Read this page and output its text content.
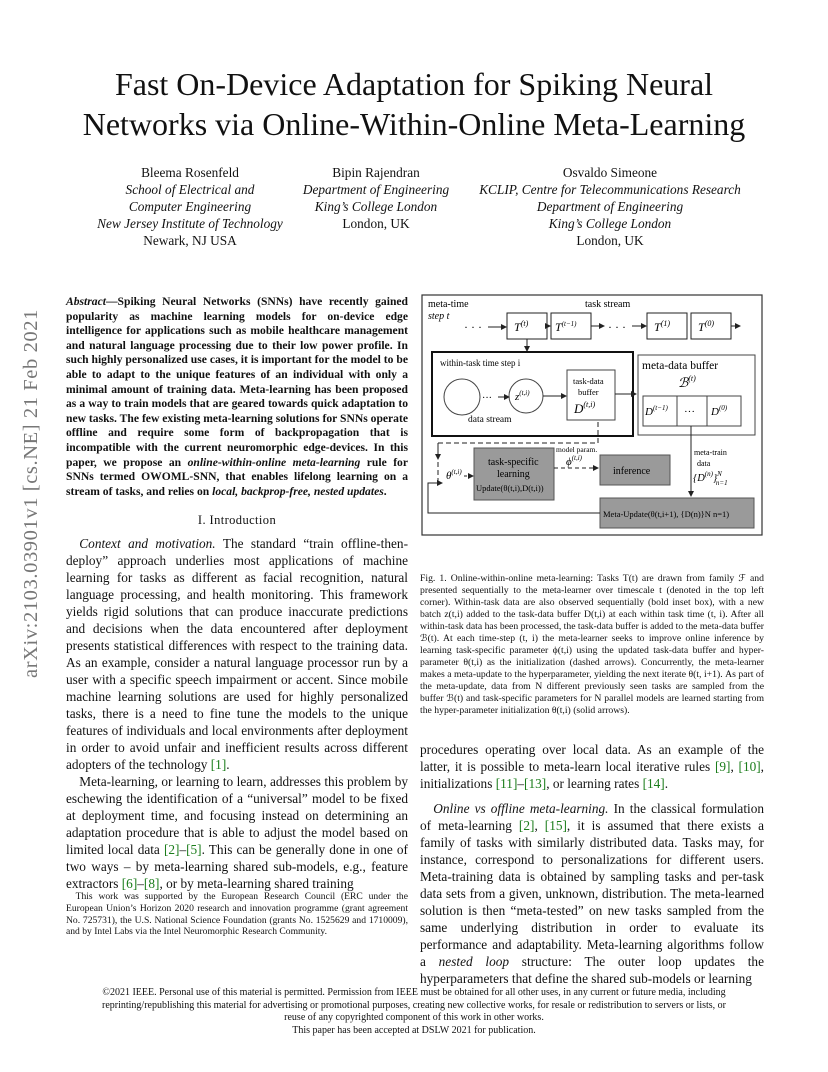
Fast On-Device Adaptation for Spiking Neural
Networks via Online-Within-Online Meta-Learning
Bleema Rosenfeld
School of Electrical and
Computer Engineering
New Jersey Institute of Technology
Newark, NJ USA
Bipin Rajendran
Department of Engineering
King’s College London
London, UK
Osvaldo Simeone
KCLIP, Centre for Telecommunications Research
Department of Engineering
King’s College London
London, UK
arXiv:2103.03901v1 [cs.NE] 21 Feb 2021
Abstract—Spiking Neural Networks (SNNs) have recently gained popularity as machine learning models for on-device edge intelligence for applications such as mobile healthcare management and natural language processing due to their low power profile. In such highly personalized use cases, it is important for the model to be able to adapt to the unique features of an individual with only a minimal amount of training data. Meta-learning has been proposed as a way to train models that are geared towards quick adaptation to new tasks. The few existing meta-learning solutions for SNNs operate offline and require some form of backpropagation that is incompatible with the current neuromorphic edge-devices. In this paper, we propose an online-within-online meta-learning rule for SNNs termed OWOML-SNN, that enables lifelong learning on a stream of tasks, and relies on local, backprop-free, nested updates.
I. Introduction
Context and motivation. The standard “train offline-then-deploy” approach underlies most applications of machine learning for tasks as different as facial recognition, natural language processing, and health monitoring. This framework yields rigid solutions that can produce inaccurate predictions and decisions when the data encountered after deployment presents statistical differences with respect to the training data. As an example, consider a natural language processor run by a user with a specific speech impairment or accent. Since mobile machine learning solutions are used for highly personalized tasks, there is a need to fine tune the models to the unique features of individuals and local environments after deployment in order to avoid unfair and inefficient results across different adopters of the technology [1].
Meta-learning, or learning to learn, addresses this problem by eschewing the identification of a “universal” model to be fixed at deployment time, and focusing instead on determining an adaptation procedure that is able to adjust the model based on limited local data [2]–[5]. This can be generally done in one of two ways – by meta-learning shared sub-models, e.g., feature extractors [6]–[8], or by meta-learning shared training
This work was supported by the European Research Council (ERC under the European Union’s Horizon 2020 research and innovation programme (grant agreement No. 725731), the U.S. National Science Foundation (grants No. 1525629 and 1710009), and by Intel Labs via the Intel Neuromorphic Research Community.
meta-time
step t
task stream
· · ·	$T^{(t)}$ $T^{(t-1)}$	· · · $T^{(1)}$ $T^{(0)}$
within-task time step i
··· $z^{(t,i)}$
data stream
task-data
buffer
D$^{(t,i)}$
meta-data buffer
ℬ$^{(t)}$
$D^{(t-1)}$ ··· $D^{(0)}$
task-specific
learning
Update(θ(t,i),D(t,i))
$\theta^{(t,i)}$
model param.
$\phi^{(t,i)}$
inference
meta-train
data
$\{D^{(n)}\}^N$ n=1
Meta-Update(θ(t,i+1), {D(n)}N n=1)
Fig. 1. Online-within-online meta-learning: Tasks T(t) are drawn from family ℱ and presented sequentially to the meta-learner over timescale t (denoted in the top left corner). Within-task data are also observed sequentially (bold inset box), with a new batch z(t,i) added to the task-data buffer D(t,i) at each within task time (t, i). After all within-task data has been processed, the task-data buffer is added to the meta-data buffer ℬ(t). At each time-step (t, i) the meta-learner seeks to improve online inference by learning task-specific parameter ϕ(t,i) using the updated task-data buffer and hyper-parameter θ(t,i) as the initialization (dashed arrows). Concurrently, the meta-learner makes a meta-update to the hyperparameter, yielding the next iterate θ(t, i+1). As part of the meta-update, data from N different previously seen tasks are sampled from the buffer ℬ(t) and task-specific parameters for N parallel models are learned starting from the hyper-parameter initialization θ(t,i) (solid arrows).
procedures operating over local data. As an example of the latter, it is possible to meta-learn local iterative rules [9], [10], initializations [11]–[13], or learning rates [14].
Online vs offline meta-learning. In the classical formulation of meta-learning [2], [15], it is assumed that there exists a family of tasks with similarly distributed data. Tasks may, for instance, correspond to personalizations for different users. Meta-training data is obtained by sampling tasks and per-task data sets from a given, unknown, distribution. The meta-learned solution is then “meta-tested” on new tasks sampled from the same underlying distribution in order to evaluate its performance and adaptability. Meta-learning algorithms follow a nested loop structure: The outer loop updates the hyperparameters that define the shared sub-models or learning
©2021 IEEE. Personal use of this material is permitted. Permission from IEEE must be obtained for all other uses, in any current or future media, including
reprinting/republishing this material for advertising or promotional purposes, creating new collective works, for resale or redistribution to servers or lists, or
reuse of any copyrighted component of this work in other works.
This paper has been accepted at DSLW 2021 for publication.
